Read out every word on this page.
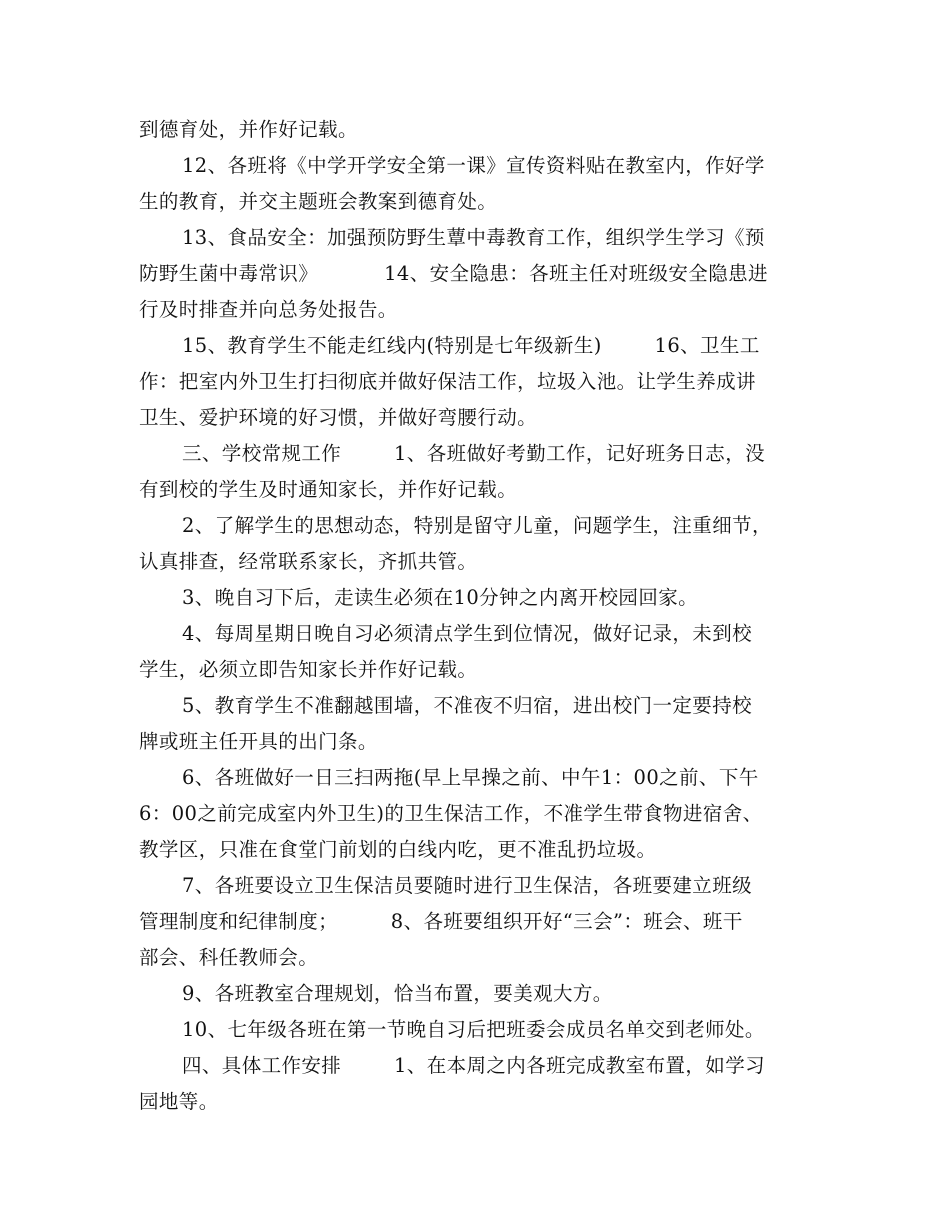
到德育处，并作好记载。
12、各班将《中学开学安全第一课》宣传资料贴在教室内，作好学
生的教育，并交主题班会教案到德育处。
13、食品安全：加强预防野生蕈中毒教育工作，组织学生学习《预
防野生菌中毒常识》          14、安全隐患：各班主任对班级安全隐患进
行及时排查并向总务处报告。
15、教育学生不能走红线内(特别是七年级新生)        16、卫生工
作：把室内外卫生打扫彻底并做好保洁工作，垃圾入池。让学生养成讲
卫生、爱护环境的好习惯，并做好弯腰行动。
三、学校常规工作        1、各班做好考勤工作，记好班务日志，没
有到校的学生及时通知家长，并作好记载。
2、了解学生的思想动态，特别是留守儿童，问题学生，注重细节，
认真排查，经常联系家长，齐抓共管。
3、晚自习下后，走读生必须在10分钟之内离开校园回家。
4、每周星期日晚自习必须清点学生到位情况，做好记录，未到校
学生，必须立即告知家长并作好记载。
5、教育学生不准翻越围墙，不准夜不归宿，进出校门一定要持校
牌或班主任开具的出门条。
6、各班做好一日三扫两拖(早上早操之前、中午1：00之前、下午
6：00之前完成室内外卫生)的卫生保洁工作，不准学生带食物进宿舍、
教学区，只准在食堂门前划的白线内吃，更不准乱扔垃圾。
7、各班要设立卫生保洁员要随时进行卫生保洁，各班要建立班级
管理制度和纪律制度；        8、各班要组织开好“三会”：班会、班干
部会、科任教师会。
9、各班教室合理规划，恰当布置，要美观大方。
10、七年级各班在第一节晚自习后把班委会成员名单交到老师处。
四、具体工作安排        1、在本周之内各班完成教室布置，如学习
园地等。
